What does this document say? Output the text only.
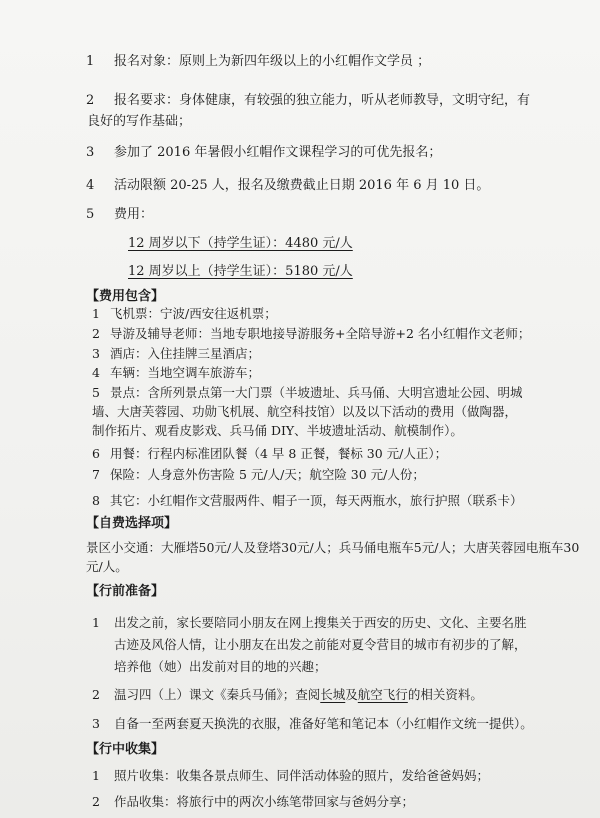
1 报名对象：原则上为新四年级以上的小红帽作文学员 ；
2 报名要求：身体健康，有较强的独立能力，听从老师教导，文明守纪，有
良好的写作基础；
3 参加了 2016 年暑假小红帽作文课程学习的可优先报名；
4 活动限额 20-25 人，报名及缴费截止日期 2016 年 6 月 10 日。
5 费用：
12 周岁以下（持学生证）：4480 元/人
12 周岁以上（持学生证）：5180 元/人
【费用包含】
1 飞机票：宁波/西安往返机票；
2 导游及辅导老师：当地专职地接导游服务+全陪导游+2 名小红帽作文老师；
3 酒店：入住挂牌三星酒店；
4 车辆：当地空调车旅游车；
5 景点：含所列景点第一大门票（半坡遗址、兵马俑、大明宫遗址公园、明城
墙、大唐芙蓉园、功勋飞机展、航空科技馆）以及以下活动的费用（做陶器，
制作拓片、观看皮影戏、兵马俑 DIY、半坡遗址活动、航模制作）。
6 用餐：行程内标准团队餐（4 早 8 正餐，餐标 30 元/人正）；
7 保险：人身意外伤害险 5 元/人/天；航空险 30 元/人份；
8 其它：小红帽作文营服两件、帽子一顶，每天两瓶水，旅行护照（联系卡）
【自费选择项】
景区小交通：大雁塔50元/人及登塔30元/人；兵马俑电瓶车5元/人；大唐芙蓉园电瓶车30
元/人。
【行前准备】
1 出发之前，家长要陪同小朋友在网上搜集关于西安的历史、文化、主要名胜
古迹及风俗人情，让小朋友在出发之前能对夏令营目的城市有初步的了解，
培养他（她）出发前对目的地的兴趣；
2 温习四（上）课文《秦兵马俑》；查阅长城及航空飞行的相关资料。
3 自备一至两套夏天换洗的衣服，准备好笔和笔记本（小红帽作文统一提供）。
【行中收集】
1 照片收集：收集各景点师生、同伴活动体验的照片，发给爸爸妈妈；
2 作品收集：将旅行中的两次小练笔带回家与爸妈分享；
